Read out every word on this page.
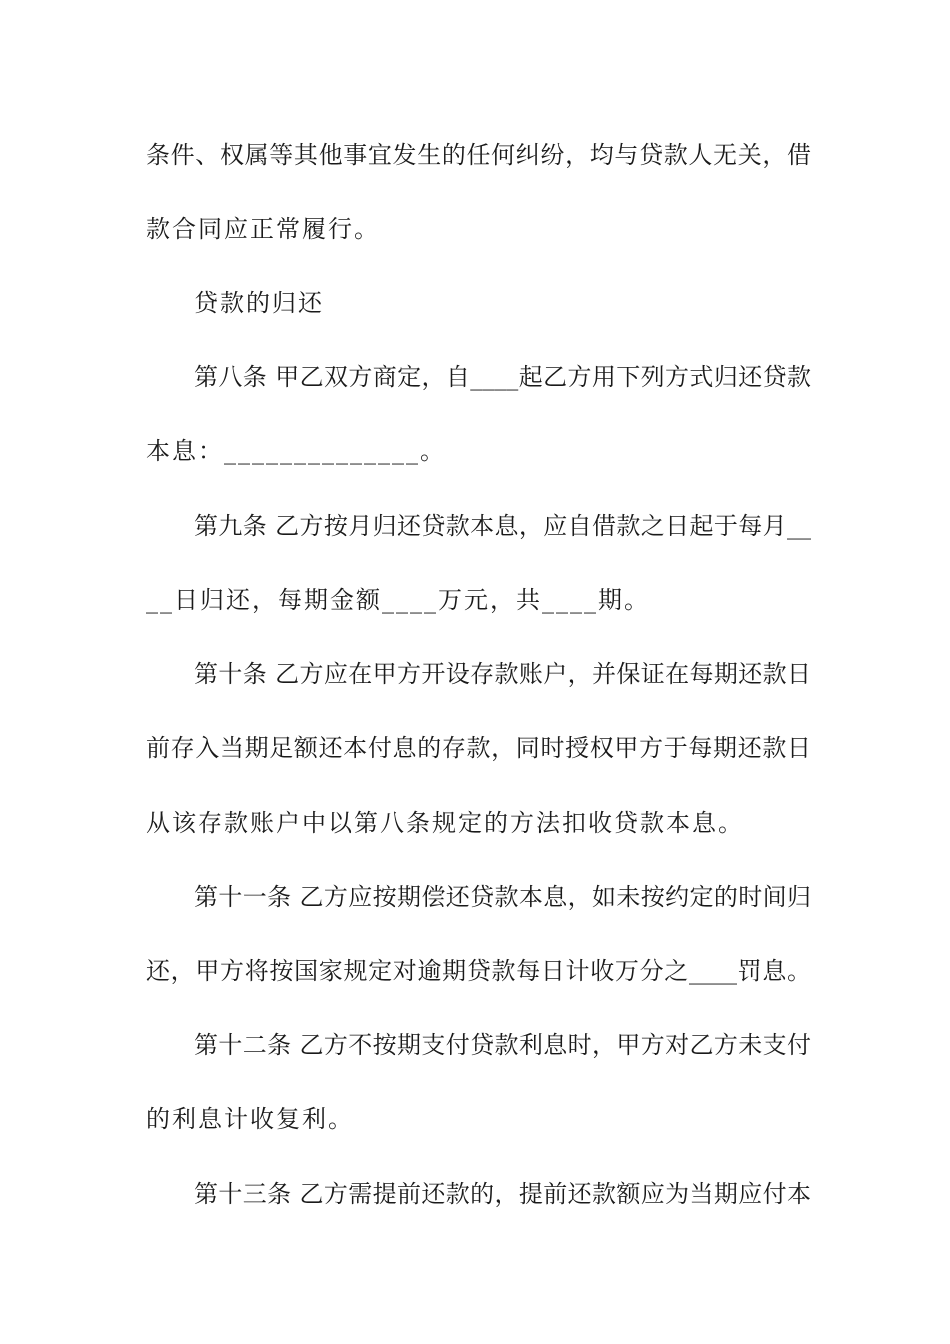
条件、权属等其他事宜发生的任何纠纷，均与贷款人无关，借
款合同应正常履行。
贷款的归还
第八条 甲乙双方商定，自____起乙方用下列方式归还贷款
本息：______________。
第九条 乙方按月归还贷款本息，应自借款之日起于每月__
__日归还，每期金额____万元，共____期。
第十条 乙方应在甲方开设存款账户，并保证在每期还款日
前存入当期足额还本付息的存款，同时授权甲方于每期还款日
从该存款账户中以第八条规定的方法扣收贷款本息。
第十一条 乙方应按期偿还贷款本息，如未按约定的时间归
还，甲方将按国家规定对逾期贷款每日计收万分之____罚息。
第十二条 乙方不按期支付贷款利息时，甲方对乙方未支付
的利息计收复利。
第十三条 乙方需提前还款的，提前还款额应为当期应付本
